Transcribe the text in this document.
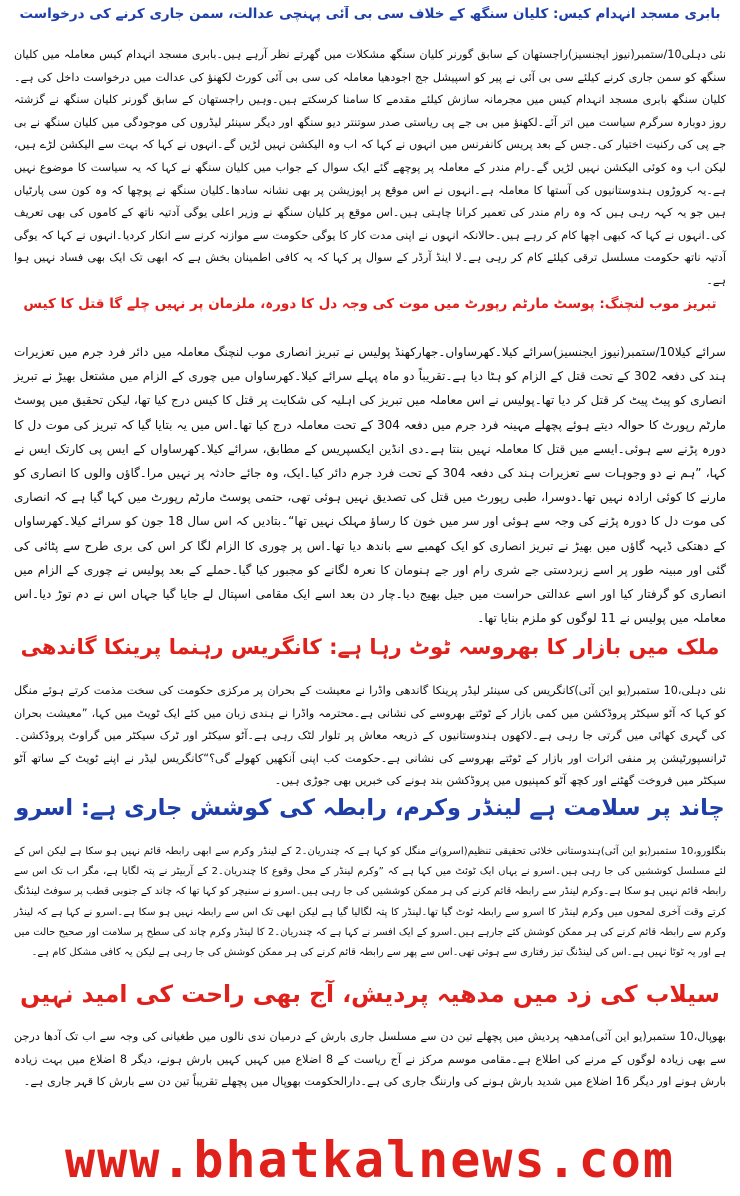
بابری مسجد انہدام کیس: کلیان سنگھ کے خلاف سی بی آئی پہنچی عدالت، سمن جاری کرنے کی درخواست

نئی دہلی10/ستمبر(نیوز ایجنسیز)راجستھان کے سابق گورنر کلیان سنگھ مشکلات میں گھرتے نظر آرہے ہیں۔بابری مسجد انہدام کیس معاملہ میں کلیان سنگھ کو سمن جاری کرنے کیلئے سی بی آئی نے پیر کو اسپیشل جج اجودھیا معاملہ کی سی بی آئی کورٹ لکھنؤ کی عدالت میں درخواست داخل کی ہے۔کلیان سنگھ بابری مسجد انہدام کیس میں مجرمانہ سازش کیلئے مقدمے کا سامنا کرسکتے ہیں۔وہیں راجستھان کے سابق گورنر کلیان سنگھ نے گزشتہ روز دوبارہ سرگرم سیاست میں اتر آئے۔لکھنؤ میں بی جے پی ریاستی صدر سوتنتر دیو سنگھ اور دیگر سینئر لیڈروں کی موجودگی میں کلیان سنگھ نے بی جے پی کی رکنیت اختیار کی۔جس کے بعد پریس کانفرنس میں انہوں نے کہا کہ اب وہ الیکشن نہیں لڑیں گے۔انہوں نے کہا کہ بہت سے الیکشن لڑے ہیں، لیکن اب وہ کوئی الیکشن نہیں لڑیں گے۔رام مندر کے معاملہ پر پوچھے گئے ایک سوال کے جواب میں کلیان سنگھ نے کہا کہ یہ سیاست کا موضوع نہیں ہے۔یہ کروڑوں ہندوستانیوں کی آستھا کا معاملہ ہے۔انہوں نے اس موقع پر اپوزیشن پر بھی نشانہ سادھا۔کلیان سنگھ نے پوچھا کہ وہ کون سی پارٹیاں ہیں جو یہ کہہ رہی ہیں کہ وہ رام مندر کی تعمیر کرانا چاہتی ہیں۔اس موقع پر کلیان سنگھ نے وزیر اعلی یوگی آدتیہ ناتھ کے کاموں کی بھی تعریف کی۔انہوں نے کہا کہ کبھی اچھا کام کر رہے ہیں۔حالانکہ انہوں نے اپنی مدت کار کا یوگی حکومت سے موازنہ کرنے سے انکار کردیا۔انہوں نے کہا کہ یوگی آدتیہ ناتھ حکومت مسلسل ترقی کیلئے کام کر رہی ہے۔لا اینڈ آرڈر کے سوال پر کہا کہ یہ کافی اطمینان بخش ہے کہ ابھی تک ایک بھی فساد نہیں ہوا ہے۔

تبریز موب لنچنگ: پوسٹ مارٹم رپورٹ میں موت کی وجہ دل کا دورہ، ملزمان پر نہیں چلے گا قتل کا کیس

سرائے کیلا10/ستمبر(نیوز ایجنسیز)سرائے کیلا۔کھرساواں۔جھارکھنڈ پولیس نے تبریز انصاری موب لنچنگ معاملہ میں دائر فرد جرم میں تعزیرات ہند کی دفعہ 302 کے تحت قتل کے الزام کو ہٹا دیا ہے۔تقریباً دو ماہ پہلے سرائے کیلا۔کھرساواں میں چوری کے الزام میں مشتعل بھیڑ نے تبریز انصاری کو پیٹ پیٹ کر قتل کر دیا تھا۔پولیس نے اس معاملہ میں تبریز کی اہلیہ کی شکایت پر قتل کا کیس درج کیا تھا، لیکن تحقیق میں پوسٹ مارٹم رپورٹ کا حوالہ دیتے ہوئے پچھلے مہینہ فرد جرم میں دفعہ 304 کے تحت معاملہ درج کیا تھا۔اس میں یہ بتایا گیا کہ تبریز کی موت دل کا دورہ پڑنے سے ہوئی۔ایسے میں قتل کا معاملہ نہیں بنتا ہے۔دی انڈین ایکسپریس کے مطابق، سرائے کیلا۔کھرساواں کے ایس پی کارتک ایس نے کہا، ”ہم نے دو وجوہات سے تعزیرات ہند کی دفعہ 304 کے تحت فرد جرم دائر کیا۔ایک، وہ جائے حادثہ پر نہیں مرا۔گاؤں والوں کا انصاری کو مارنے کا کوئی ارادہ نہیں تھا۔دوسرا، طبی رپورٹ میں قتل کی تصدیق نہیں ہوئی تھی، حتمی پوسٹ مارٹم رپورٹ میں کہا گیا ہے کہ انصاری کی موت دل کا دورہ پڑنے کی وجہ سے ہوئی اور سر میں خون کا رساؤ مہلک نہیں تھا“۔بتادیں کہ اس سال 18 جون کو سرائے کیلا۔کھرساواں کے دھتکی ڈیہہ گاؤں میں بھیڑ نے تبریز انصاری کو ایک کھمبے سے باندھ دیا تھا۔اس پر چوری کا الزام لگا کر اس کی بری طرح سے پٹائی کی گئی اور مبینہ طور پر اسے زبردستی جے شری رام اور جے ہنومان کا نعرہ لگانے کو مجبور کیا گیا۔حملے کے بعد پولیس نے چوری کے الزام میں انصاری کو گرفتار کیا اور اسے عدالتی حراست میں جیل بھیج دیا۔چار دن بعد اسے ایک مقامی اسپتال لے جایا گیا جہاں اس نے دم توڑ دیا۔اس معاملہ میں پولیس نے 11 لوگوں کو ملزم بنایا تھا۔

ملک میں بازار کا بھروسہ ٹوٹ رہا ہے: کانگریس رہنما پرینکا گاندھی

نئی دہلی،10 ستمبر(یو این آئی)کانگریس کی سینئر لیڈر پرینکا گاندھی واڈرا نے معیشت کے بحران پر مرکزی حکومت کی سخت مذمت کرتے ہوئے منگل کو کہا کہ آٹو سیکٹر پروڈکشن میں کمی بازار کے ٹوٹتے بھروسے کی نشانی ہے۔محترمہ واڈرا نے ہندی زبان میں کئے ایک ٹویٹ میں کہا، ”معیشت بحران کی گہری کھائی میں گرتی جا رہی ہے۔لاکھوں ہندوستانیوں کے ذریعہ معاش پر تلوار لٹک رہی ہے۔آٹو سیکٹر اور ٹرک سیکٹر میں گراوٹ پروڈکشن۔ٹرانسپورٹیشن پر منفی اثرات اور بازار کے ٹوٹتے بھروسے کی نشانی ہے۔حکومت کب اپنی آنکھیں کھولے گی؟“کانگریس لیڈر نے اپنے ٹویٹ کے ساتھ آٹو سیکٹر میں فروخت گھٹنے اور کچھ آٹو کمپنیوں میں پروڈکشن بند ہونے کی خبریں بھی جوڑی ہیں۔

چاند پر سلامت ہے لینڈر وکرم، رابطہ کی کوشش جاری ہے: اسرو

بنگلورو،10 ستمبر(یو این آئی)ہندوستانی خلائی تحقیقی تنظیم(اسرو)نے منگل کو کہا ہے کہ چندریان۔2 کے لینڈر وکرم سے ابھی رابطہ قائم نہیں ہو سکا ہے لیکن اس کے لئے مسلسل کوششیں کی جا رہی ہیں۔اسرو نے یہاں ایک ٹوئٹ میں کہا ہے کہ ”وکرم لینڈر کے محل وقوع کا چندریان۔2 کے آربیٹر نے پتہ لگایا ہے، مگر اب تک اس سے رابطہ قائم نہیں ہو سکا ہے۔وکرم لینڈر سے رابطہ قائم کرنے کی ہر ممکن کوششیں کی جا رہی ہیں۔اسرو نے سنیچر کو کہا تھا کہ چاند کے جنوبی قطب پر سوفٹ لینڈنگ کرتے وقت آخری لمحوں میں وکرم لینڈر کا اسرو سے رابطہ ٹوٹ گیا تھا۔لینڈر کا پتہ لگالیا گیا ہے لیکن ابھی تک اس سے رابطہ نہیں ہو سکا ہے۔اسرو نے کہا ہے کہ لینڈر وکرم سے رابطہ قائم کرنے کی ہر ممکن کوشش کئے جارہے ہیں۔اسرو کے ایک افسر نے کہا ہے کہ چندریان۔2 کا لینڈر وکرم چاند کی سطح پر سلامت اور صحیح حالت میں ہے اور یہ ٹوٹا نہیں ہے۔اس کی لینڈنگ تیز رفتاری سے ہوئی تھی۔اس سے پھر سے رابطہ قائم کرنے کی ہر ممکن کوشش کی جا رہی ہے لیکن یہ کافی مشکل کام ہے۔

سیلاب کی زد میں مدھیہ پردیش، آج بھی راحت کی امید نہیں

بھوپال،10 ستمبر(یو این آئی)مدھیہ پردیش میں پچھلے تین دن سے مسلسل جاری بارش کے درمیان ندی نالوں میں طغیانی کی وجہ سے اب تک آدھا درجن سے بھی زیادہ لوگوں کے مرنے کی اطلاع ہے۔مقامی موسم مرکز نے آج ریاست کے 8 اضلاع میں کہیں کہیں بارش ہونے، دیگر 8 اضلاع میں بہت زیادہ بارش ہونے اور دیگر 16 اضلاع میں شدید بارش ہونے کی وارننگ جاری کی ہے۔دارالحکومت بھوپال میں پچھلے تقریباً تین دن سے بارش کا قہر جاری ہے۔

www.bhatkalnews.com
